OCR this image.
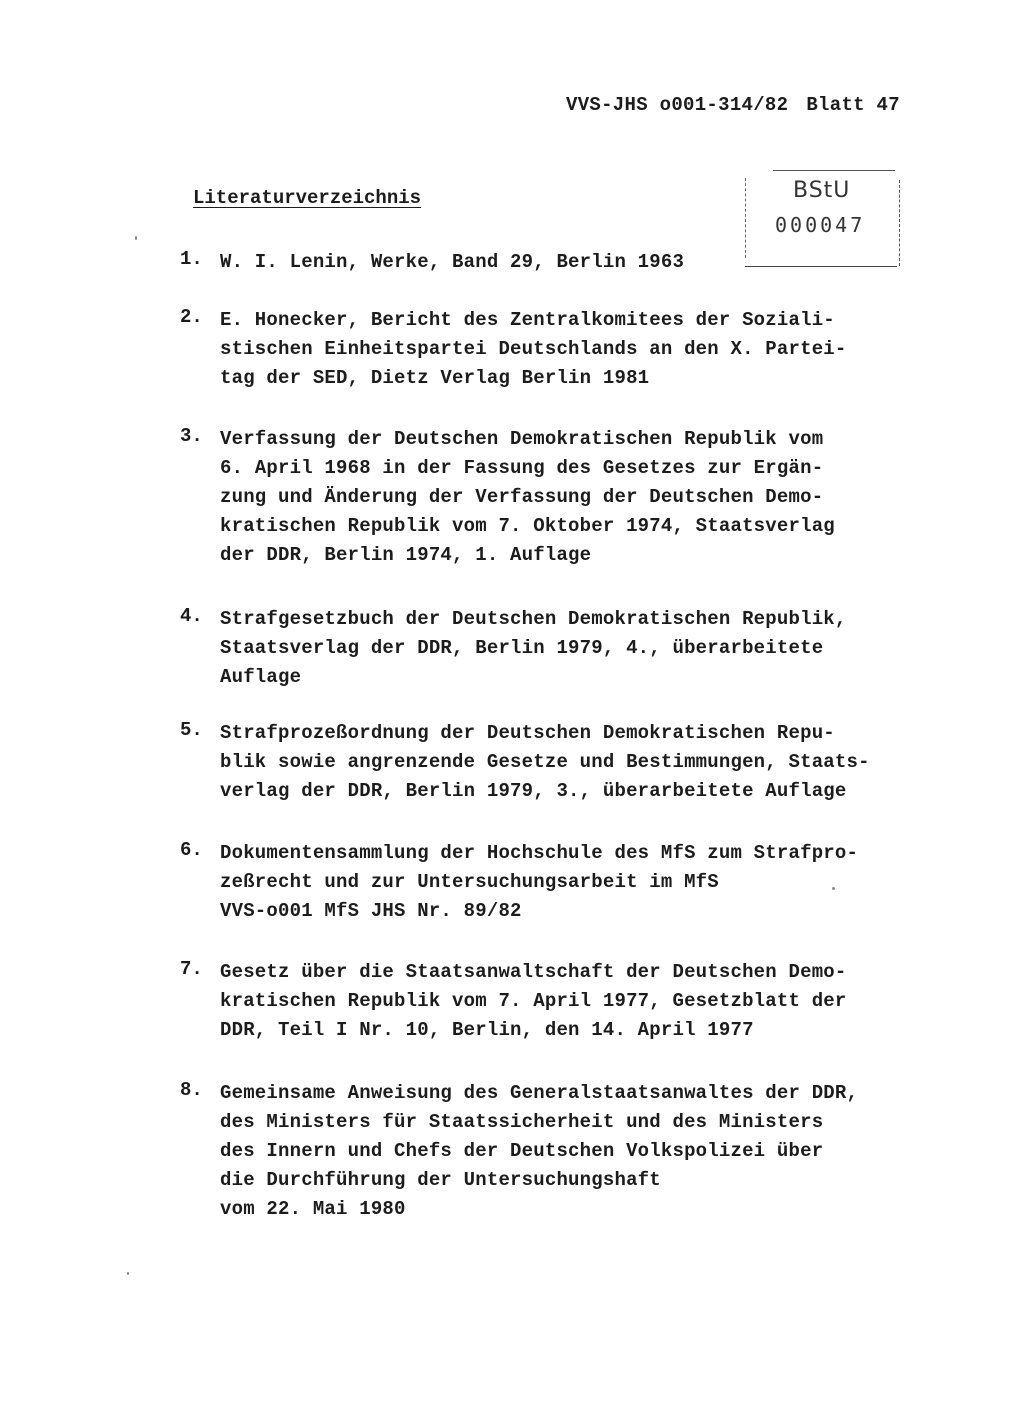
VVS-JHS o001-314/82 Blatt 47
BStU
000047
Literaturverzeichnis
1. W. I. Lenin, Werke, Band 29, Berlin 1963
2. E. Honecker, Bericht des Zentralkomitees der Soziali-
stischen Einheitspartei Deutschlands an den X. Partei-
tag der SED, Dietz Verlag Berlin 1981
3. Verfassung der Deutschen Demokratischen Republik vom
6. April 1968 in der Fassung des Gesetzes zur Ergän-
zung und Änderung der Verfassung der Deutschen Demo-
kratischen Republik vom 7. Oktober 1974, Staatsverlag
der DDR, Berlin 1974, 1. Auflage
4. Strafgesetzbuch der Deutschen Demokratischen Republik,
Staatsverlag der DDR, Berlin 1979, 4., überarbeitete
Auflage
5. Strafprozeßordnung der Deutschen Demokratischen Repu-
blik sowie angrenzende Gesetze und Bestimmungen, Staats-
verlag der DDR, Berlin 1979, 3., überarbeitete Auflage
6. Dokumentensammlung der Hochschule des MfS zum Strafpro-
zeßrecht und zur Untersuchungsarbeit im MfS
VVS-o001 MfS JHS Nr. 89/82
7. Gesetz über die Staatsanwaltschaft der Deutschen Demo-
kratischen Republik vom 7. April 1977, Gesetzblatt der
DDR, Teil I Nr. 10, Berlin, den 14. April 1977
8. Gemeinsame Anweisung des Generalstaatsanwaltes der DDR,
des Ministers für Staatssicherheit und des Ministers
des Innern und Chefs der Deutschen Volkspolizei über
die Durchführung der Untersuchungshaft
vom 22. Mai 1980
